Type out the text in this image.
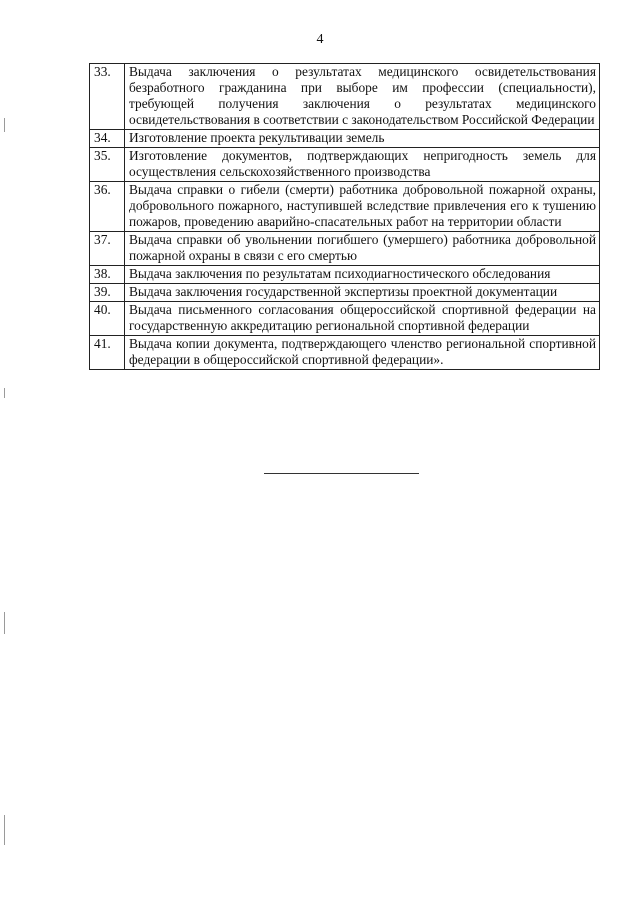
4
33.	Выдача заключения о результатах медицинского освидетельствования безработного гражданина при выборе им профессии (специальности), требующей получения заключения о результатах медицинского освидетельствования в соответствии с законодательством Российской Федерации
34.	Изготовление проекта рекультивации земель
35.	Изготовление документов, подтверждающих непригодность земель для осуществления сельскохозяйственного производства
36.	Выдача справки о гибели (смерти) работника добровольной пожарной охраны, добровольного пожарного, наступившей вследствие привлечения его к тушению пожаров, проведению аварийно-спасательных работ на территории области
37.	Выдача справки об увольнении погибшего (умершего) работника добровольной пожарной охраны в связи с его смертью
38.	Выдача заключения по результатам психодиагностического обследования
39.	Выдача заключения государственной экспертизы проектной документации
40.	Выдача письменного согласования общероссийской спортивной федерации на государственную аккредитацию региональной спортивной федерации
41.	Выдача копии документа, подтверждающего членство региональной спортивной федерации в общероссийской спортивной федерации».
